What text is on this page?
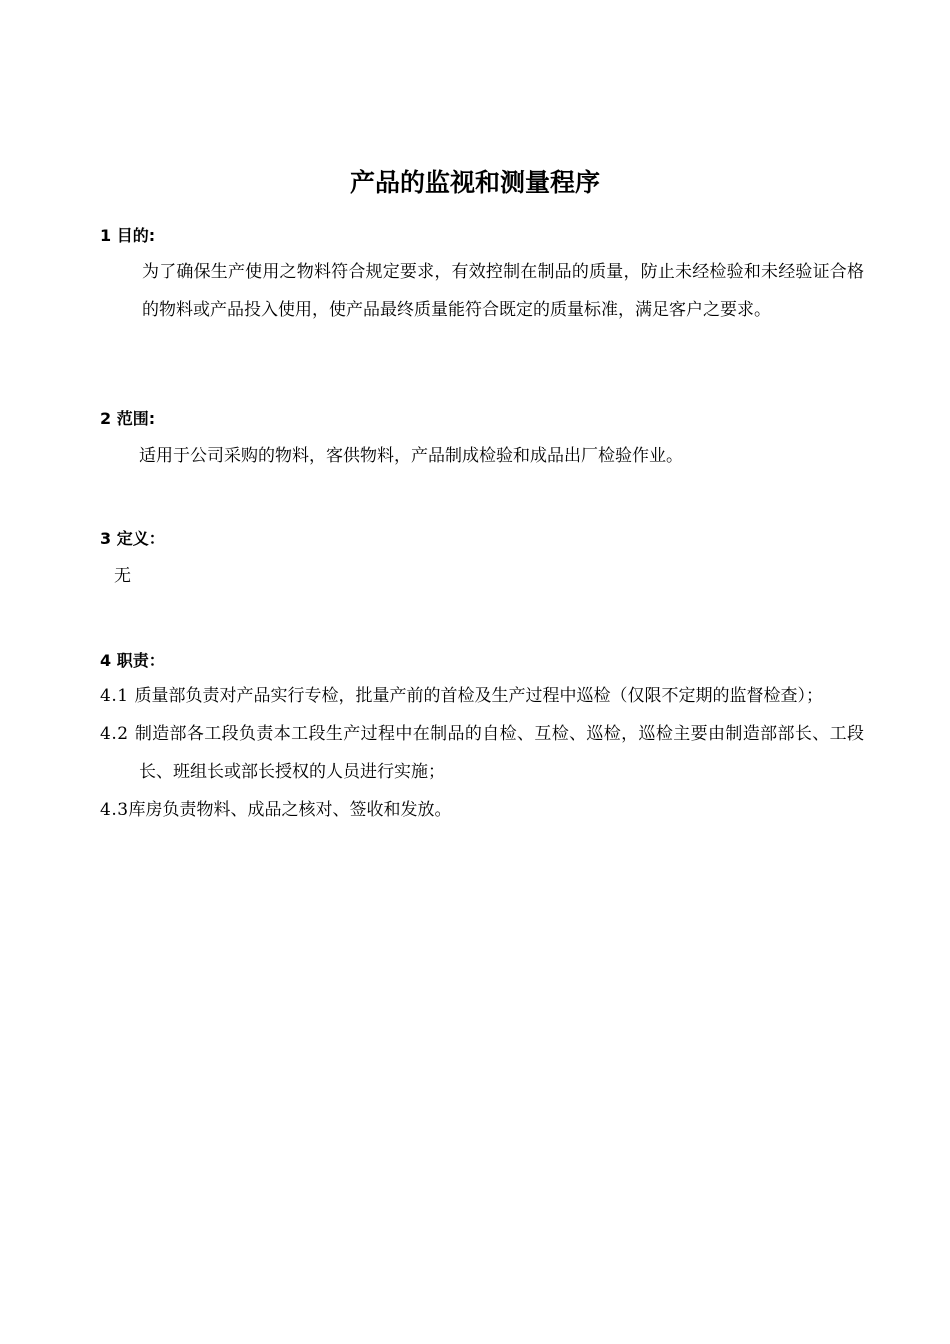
产品的监视和测量程序
1 目的:

为了确保生产使用之物料符合规定要求，有效控制在制品的质量，防止未经检验和未经验证合格的物料或产品投入使用，使产品最终质量能符合既定的质量标准，满足客户之要求。

2 范围:

适用于公司采购的物料，客供物料，产品制成检验和成品出厂检验作业。

3 定义：

无

4 职责：
4.1 质量部负责对产品实行专检，批量产前的首检及生产过程中巡检（仅限不定期的监督检查）；
4.2 制造部各工段负责本工段生产过程中在制品的自检、互检、巡检，巡检主要由制造部部长、工段长、班组长或部长授权的人员进行实施；
4.3库房负责物料、成品之核对、签收和发放。
